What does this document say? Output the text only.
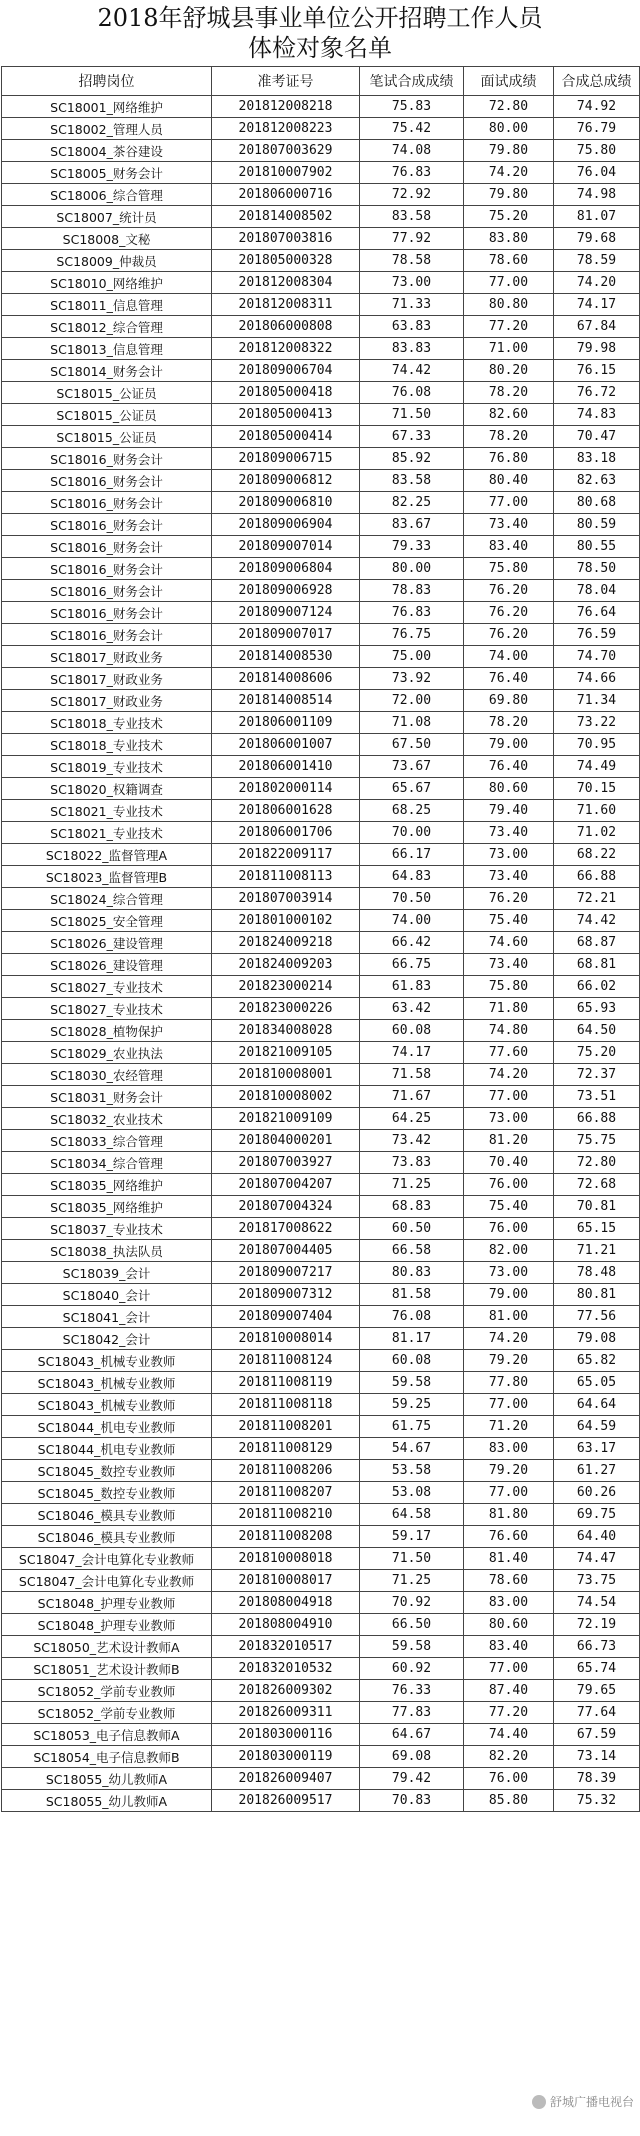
2018年舒城县事业单位公开招聘工作人员
体检对象名单
招聘岗位	准考证号	笔试合成成绩	面试成绩	合成总成绩
SC18001_网络维护	201812008218	75.83	72.80	74.92
SC18002_管理人员	201812008223	75.42	80.00	76.79
SC18004_茶谷建设	201807003629	74.08	79.80	75.80
SC18005_财务会计	201810007902	76.83	74.20	76.04
SC18006_综合管理	201806000716	72.92	79.80	74.98
SC18007_统计员	201814008502	83.58	75.20	81.07
SC18008_文秘	201807003816	77.92	83.80	79.68
SC18009_仲裁员	201805000328	78.58	78.60	78.59
SC18010_网络维护	201812008304	73.00	77.00	74.20
SC18011_信息管理	201812008311	71.33	80.80	74.17
SC18012_综合管理	201806000808	63.83	77.20	67.84
SC18013_信息管理	201812008322	83.83	71.00	79.98
SC18014_财务会计	201809006704	74.42	80.20	76.15
SC18015_公证员	201805000418	76.08	78.20	76.72
SC18015_公证员	201805000413	71.50	82.60	74.83
SC18015_公证员	201805000414	67.33	78.20	70.47
SC18016_财务会计	201809006715	85.92	76.80	83.18
SC18016_财务会计	201809006812	83.58	80.40	82.63
SC18016_财务会计	201809006810	82.25	77.00	80.68
SC18016_财务会计	201809006904	83.67	73.40	80.59
SC18016_财务会计	201809007014	79.33	83.40	80.55
SC18016_财务会计	201809006804	80.00	75.80	78.50
SC18016_财务会计	201809006928	78.83	76.20	78.04
SC18016_财务会计	201809007124	76.83	76.20	76.64
SC18016_财务会计	201809007017	76.75	76.20	76.59
SC18017_财政业务	201814008530	75.00	74.00	74.70
SC18017_财政业务	201814008606	73.92	76.40	74.66
SC18017_财政业务	201814008514	72.00	69.80	71.34
SC18018_专业技术	201806001109	71.08	78.20	73.22
SC18018_专业技术	201806001007	67.50	79.00	70.95
SC18019_专业技术	201806001410	73.67	76.40	74.49
SC18020_权籍调查	201802000114	65.67	80.60	70.15
SC18021_专业技术	201806001628	68.25	79.40	71.60
SC18021_专业技术	201806001706	70.00	73.40	71.02
SC18022_监督管理A	201822009117	66.17	73.00	68.22
SC18023_监督管理B	201811008113	64.83	73.40	66.88
SC18024_综合管理	201807003914	70.50	76.20	72.21
SC18025_安全管理	201801000102	74.00	75.40	74.42
SC18026_建设管理	201824009218	66.42	74.60	68.87
SC18026_建设管理	201824009203	66.75	73.40	68.81
SC18027_专业技术	201823000214	61.83	75.80	66.02
SC18027_专业技术	201823000226	63.42	71.80	65.93
SC18028_植物保护	201834008028	60.08	74.80	64.50
SC18029_农业执法	201821009105	74.17	77.60	75.20
SC18030_农经管理	201810008001	71.58	74.20	72.37
SC18031_财务会计	201810008002	71.67	77.00	73.51
SC18032_农业技术	201821009109	64.25	73.00	66.88
SC18033_综合管理	201804000201	73.42	81.20	75.75
SC18034_综合管理	201807003927	73.83	70.40	72.80
SC18035_网络维护	201807004207	71.25	76.00	72.68
SC18035_网络维护	201807004324	68.83	75.40	70.81
SC18037_专业技术	201817008622	60.50	76.00	65.15
SC18038_执法队员	201807004405	66.58	82.00	71.21
SC18039_会计	201809007217	80.83	73.00	78.48
SC18040_会计	201809007312	81.58	79.00	80.81
SC18041_会计	201809007404	76.08	81.00	77.56
SC18042_会计	201810008014	81.17	74.20	79.08
SC18043_机械专业教师	201811008124	60.08	79.20	65.82
SC18043_机械专业教师	201811008119	59.58	77.80	65.05
SC18043_机械专业教师	201811008118	59.25	77.00	64.64
SC18044_机电专业教师	201811008201	61.75	71.20	64.59
SC18044_机电专业教师	201811008129	54.67	83.00	63.17
SC18045_数控专业教师	201811008206	53.58	79.20	61.27
SC18045_数控专业教师	201811008207	53.08	77.00	60.26
SC18046_模具专业教师	201811008210	64.58	81.80	69.75
SC18046_模具专业教师	201811008208	59.17	76.60	64.40
SC18047_会计电算化专业教师	201810008018	71.50	81.40	74.47
SC18047_会计电算化专业教师	201810008017	71.25	78.60	73.75
SC18048_护理专业教师	201808004918	70.92	83.00	74.54
SC18048_护理专业教师	201808004910	66.50	80.60	72.19
SC18050_艺术设计教师A	201832010517	59.58	83.40	66.73
SC18051_艺术设计教师B	201832010532	60.92	77.00	65.74
SC18052_学前专业教师	201826009302	76.33	87.40	79.65
SC18052_学前专业教师	201826009311	77.83	77.20	77.64
SC18053_电子信息教师A	201803000116	64.67	74.40	67.59
SC18054_电子信息教师B	201803000119	69.08	82.20	73.14
SC18055_幼儿教师A	201826009407	79.42	76.00	78.39
SC18055_幼儿教师A	201826009517	70.83	85.80	75.32
舒城广播电视台
